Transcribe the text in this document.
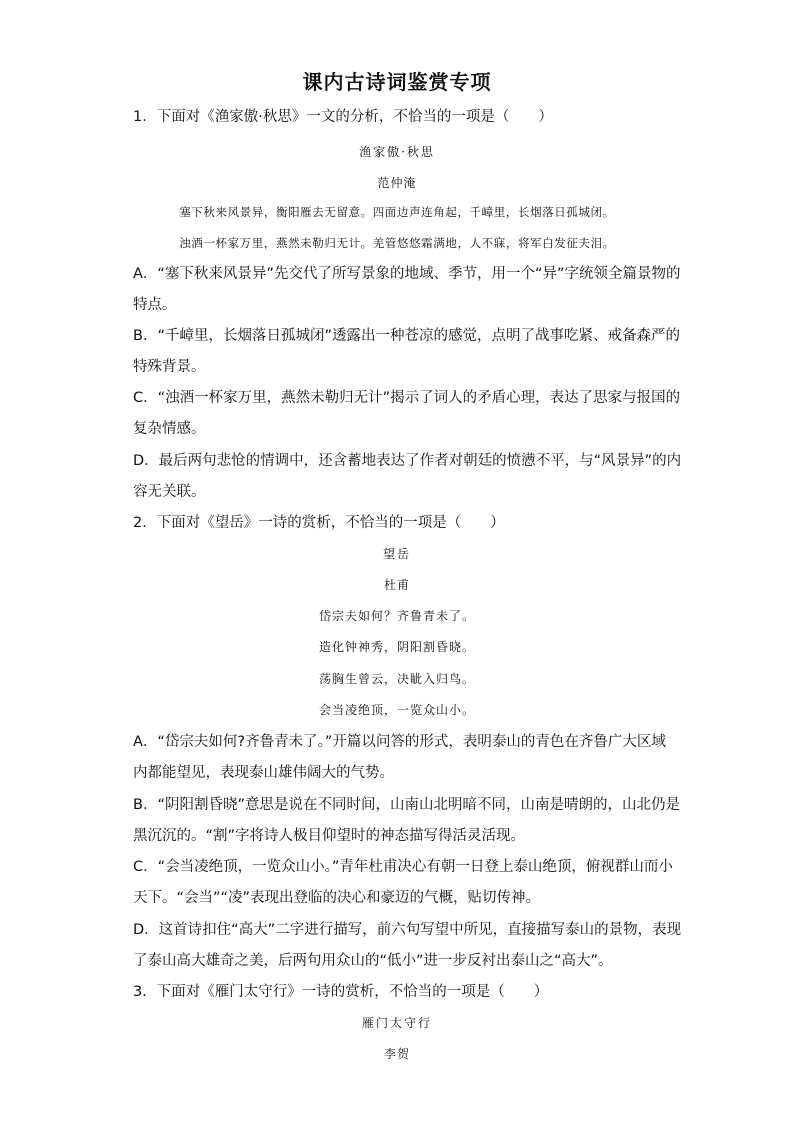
课内古诗词鉴赏专项
1．下面对《渔家傲·秋思》一文的分析，不恰当的一项是（　　）
渔家傲·秋思
范仲淹
塞下秋来风景异，衡阳雁去无留意。四面边声连角起，千嶂里，长烟落日孤城闭。
浊酒一杯家万里，燕然未勒归无计。羌管悠悠霜满地，人不寐，将军白发征夫泪。
A．“塞下秋来风景异”先交代了所写景象的地域、季节，用一个“异”字统领全篇景物的
特点。
B．“千嶂里，长烟落日孤城闭”透露出一种苍凉的感觉，点明了战事吃紧、戒备森严的
特殊背景。
C．“浊酒一杯家万里，燕然未勒归无计”揭示了词人的矛盾心理，表达了思家与报国的
复杂情感。
D．最后两句悲怆的情调中，还含蓄地表达了作者对朝廷的愤懑不平，与“风景异”的内
容无关联。
2．下面对《望岳》一诗的赏析，不恰当的一项是（　　）
望岳
杜甫
岱宗夫如何？齐鲁青未了。
造化钟神秀，阴阳割昏晓。
荡胸生曾云，决眦入归鸟。
会当凌绝顶，一览众山小。
A．“岱宗夫如何?齐鲁青未了。”开篇以问答的形式，表明泰山的青色在齐鲁广大区域
内都能望见，表现泰山雄伟阔大的气势。
B．“阴阳割昏晓”意思是说在不同时间，山南山北明暗不同，山南是晴朗的，山北仍是
黑沉沉的。“割”字将诗人极目仰望时的神态描写得活灵活现。
C．“会当凌绝顶，一览众山小。”青年杜甫决心有朝一日登上泰山绝顶，俯视群山而小
天下。“会当”“凌”表现出登临的决心和豪迈的气概，贴切传神。
D．这首诗扣住“高大”二字进行描写，前六句写望中所见，直接描写泰山的景物，表现
了泰山高大雄奇之美，后两句用众山的“低小”进一步反衬出泰山之“高大”。
3．下面对《雁门太守行》一诗的赏析，不恰当的一项是（　　）
雁门太守行
李贺
